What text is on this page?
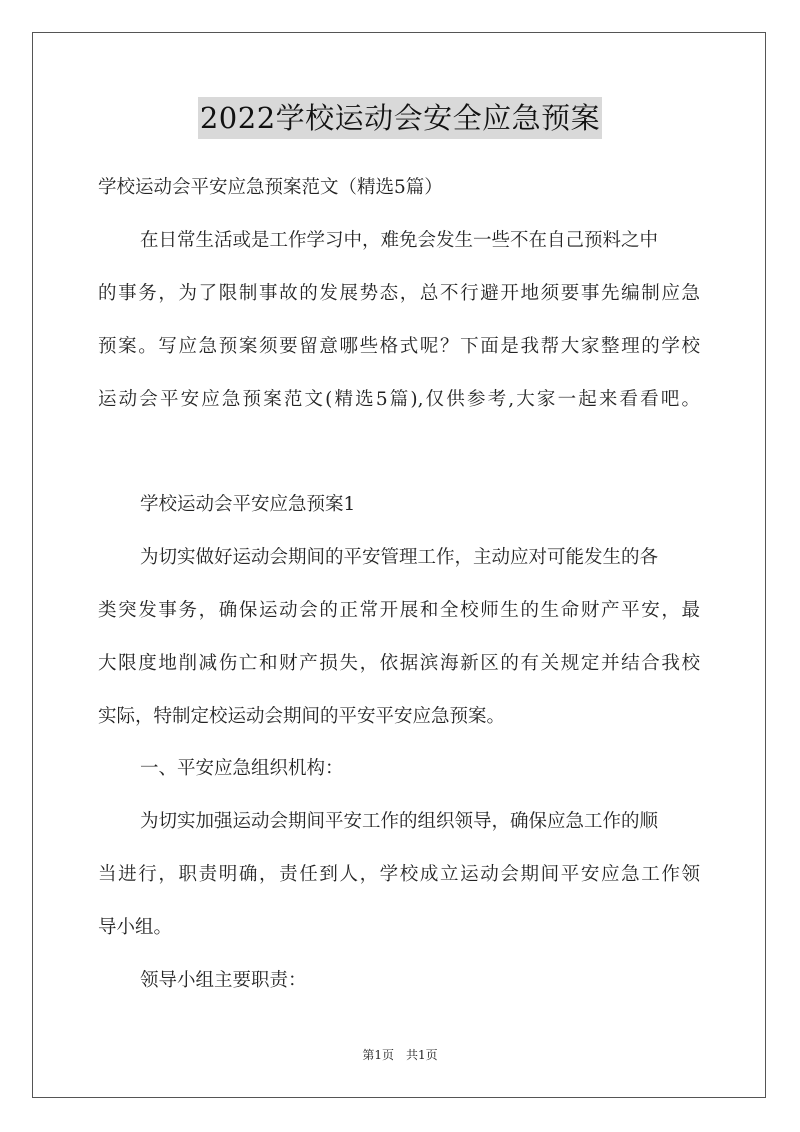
2022学校运动会安全应急预案
学校运动会平安应急预案范文（精选5篇）
在日常生活或是工作学习中，难免会发生一些不在自己预料之中
的事务，为了限制事故的发展势态，总不行避开地须要事先编制应急
预案。写应急预案须要留意哪些格式呢？下面是我帮大家整理的学校
运动会平安应急预案范文(精选5篇),仅供参考,大家一起来看看吧。
学校运动会平安应急预案1
为切实做好运动会期间的平安管理工作，主动应对可能发生的各
类突发事务，确保运动会的正常开展和全校师生的生命财产平安，最
大限度地削减伤亡和财产损失，依据滨海新区的有关规定并结合我校
实际，特制定校运动会期间的平安平安应急预案。
一、平安应急组织机构：
为切实加强运动会期间平安工作的组织领导，确保应急工作的顺
当进行，职责明确，责任到人，学校成立运动会期间平安应急工作领
导小组。
领导小组主要职责：
第1页　共1页
